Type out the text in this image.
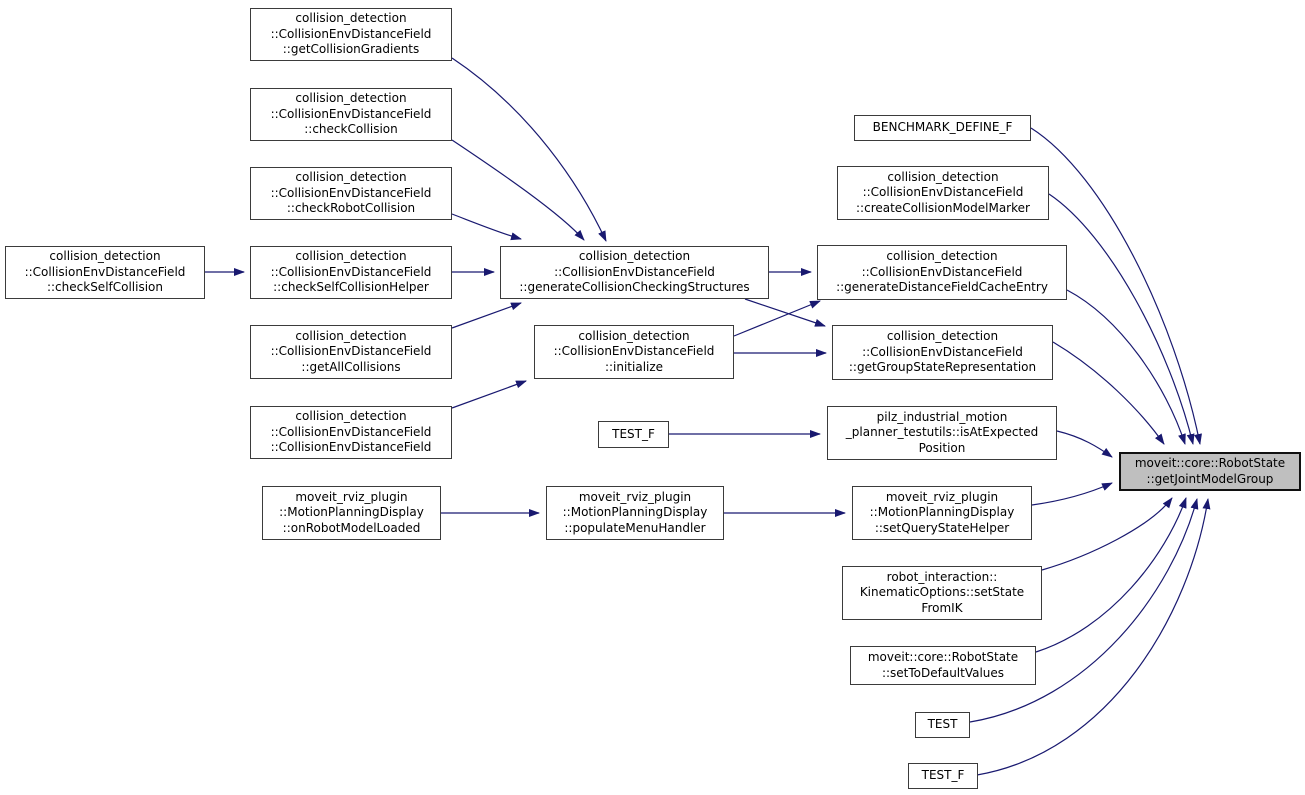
collision_detection
::CollisionEnvDistanceField
::getCollisionGradients
collision_detection
::CollisionEnvDistanceField
::checkCollision
collision_detection
::CollisionEnvDistanceField
::checkRobotCollision
collision_detection
::CollisionEnvDistanceField
::checkSelfCollision
collision_detection
::CollisionEnvDistanceField
::checkSelfCollisionHelper
collision_detection
::CollisionEnvDistanceField
::getAllCollisions
collision_detection
::CollisionEnvDistanceField
::CollisionEnvDistanceField
moveit_rviz_plugin
::MotionPlanningDisplay
::onRobotModelLoaded
collision_detection
::CollisionEnvDistanceField
::generateCollisionCheckingStructures
collision_detection
::CollisionEnvDistanceField
::initialize
TEST_F
moveit_rviz_plugin
::MotionPlanningDisplay
::populateMenuHandler
BENCHMARK_DEFINE_F
collision_detection
::CollisionEnvDistanceField
::createCollisionModelMarker
collision_detection
::CollisionEnvDistanceField
::generateDistanceFieldCacheEntry
collision_detection
::CollisionEnvDistanceField
::getGroupStateRepresentation
pilz_industrial_motion
_planner_testutils::isAtExpected
Position
moveit_rviz_plugin
::MotionPlanningDisplay
::setQueryStateHelper
robot_interaction::
KinematicOptions::setState
FromIK
moveit::core::RobotState
::setToDefaultValues
TEST
TEST_F
moveit::core::RobotState
::getJointModelGroup
